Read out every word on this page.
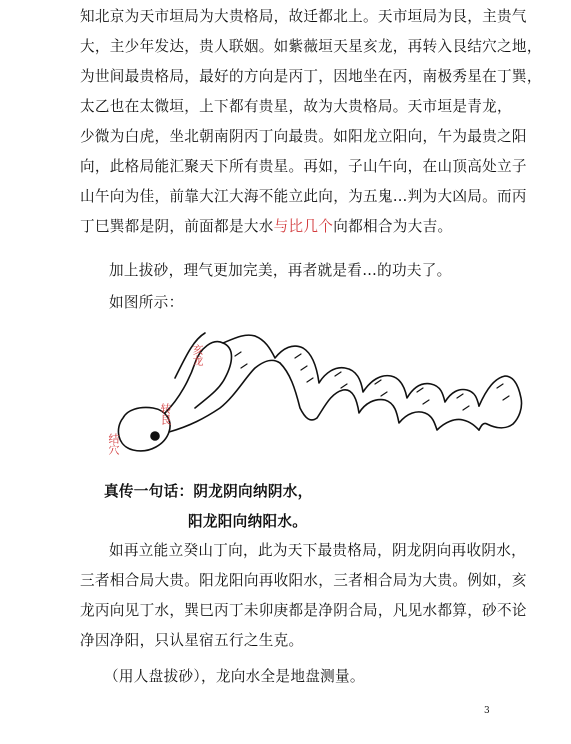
知北京为天市垣局为大贵格局，故迁都北上。天市垣局为艮，主贵气
大，主少年发达，贵人联姻。如紫薇垣天星亥龙，再转入艮结穴之地，
为世间最贵格局，最好的方向是丙丁，因地坐在丙，南极秀星在丁巽，
太乙也在太微垣，上下都有贵星，故为大贵格局。天市垣是青龙，
少微为白虎，坐北朝南阴丙丁向最贵。如阳龙立阳向，午为最贵之阳
向，此格局能汇聚天下所有贵星。再如，子山午向，在山顶高处立子
山午向为佳，前靠大江大海不能立此向，为五鬼…判为大凶局。而丙
丁巳巽都是阴，前面都是大水与比几个向都相合为大吉。
加上拔砂，理气更加完美，再者就是看…的功夫了。
如图所示：
亥龙
转艮
结穴
真传一句话：阴龙阴向纳阴水，
阳龙阳向纳阳水。
如再立能立癸山丁向，此为天下最贵格局，阴龙阴向再收阴水，
三者相合局大贵。阳龙阳向再收阳水，三者相合局为大贵。例如，亥
龙丙向见丁水，巽巳丙丁未卯庚都是净阴合局，凡见水都算，砂不论
净因净阳，只认星宿五行之生克。
（用人盘拔砂），龙向水全是地盘测量。
3
